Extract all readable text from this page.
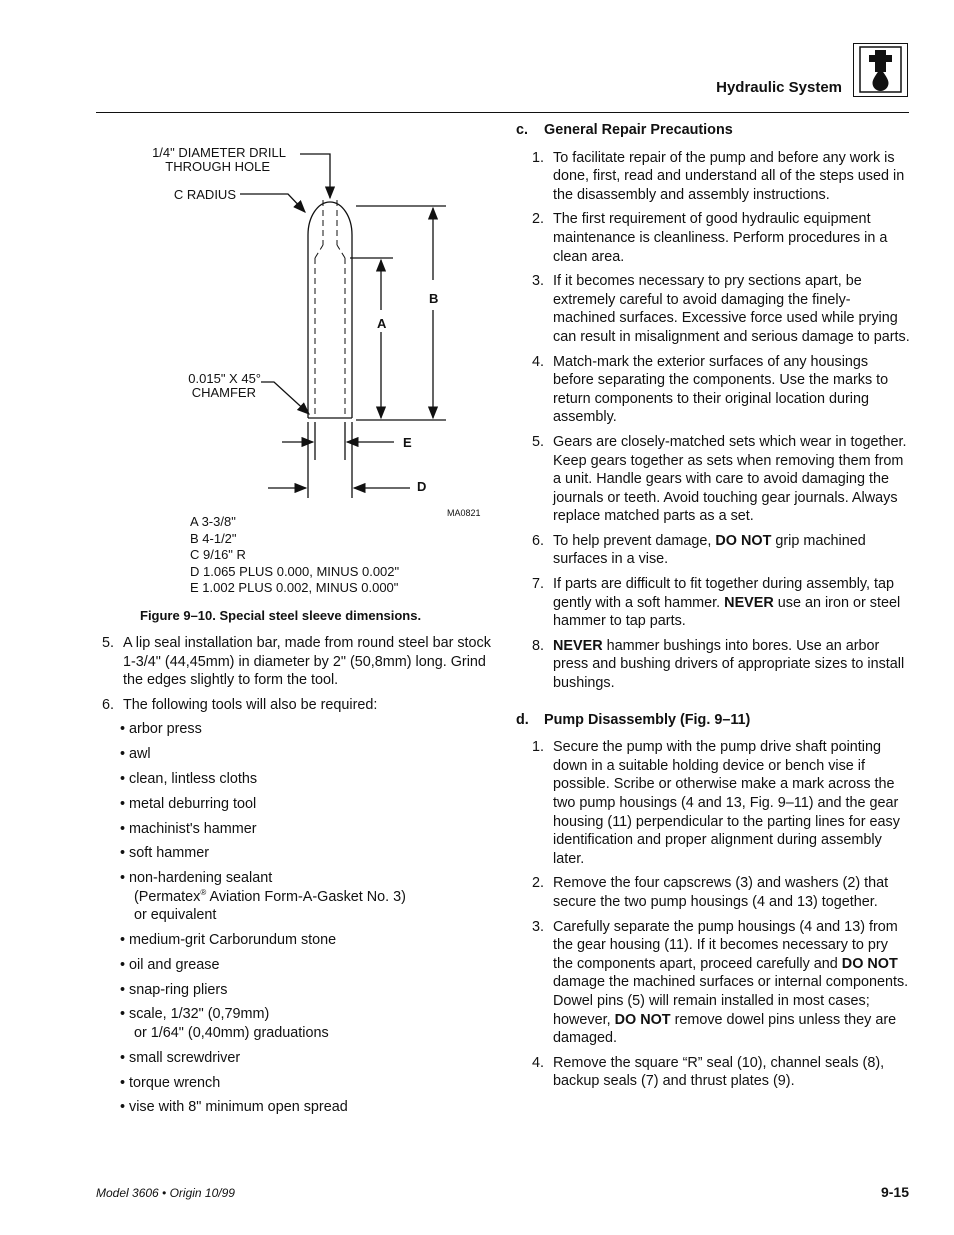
Hydraulic System
1/4" DIAMETER DRILL
THROUGH HOLE
C RADIUS
0.015" X 45°
CHAMFER
A
B
E
D
MA0821
A 3-3/8"
B 4-1/2"
C 9/16" R
D 1.065 PLUS 0.000, MINUS 0.002"
E 1.002 PLUS 0.002, MINUS 0.000"
Figure 9–10. Special steel sleeve dimensions.
5. A lip seal installation bar, made from round steel bar stock 1-3/4" (44,45mm) in diameter by 2" (50,8mm) long. Grind the edges slightly to form the tool.
6. The following tools will also be required:
• arbor press
• awl
• clean, lintless cloths
• metal deburring tool
• machinist's hammer
• soft hammer
• non-hardening sealant
(Permatex® Aviation Form-A-Gasket No. 3)
or equivalent
• medium-grit Carborundum stone
• oil and grease
• snap-ring pliers
• scale, 1/32" (0,79mm)
or 1/64" (0,40mm) graduations
• small screwdriver
• torque wrench
• vise with 8" minimum open spread
c.	General Repair Precautions
1. To facilitate repair of the pump and before any work is done, first, read and understand all of the steps used in the disassembly and assembly instructions.
2. The first requirement of good hydraulic equipment maintenance is cleanliness. Perform procedures in a clean area.
3. If it becomes necessary to pry sections apart, be extremely careful to avoid damaging the finely-machined surfaces. Excessive force used while prying can result in misalignment and serious damage to parts.
4. Match-mark the exterior surfaces of any housings before separating the components. Use the marks to return components to their original location during assembly.
5. Gears are closely-matched sets which wear in together. Keep gears together as sets when removing them from a unit. Handle gears with care to avoid damaging the journals or teeth. Avoid touching gear journals. Always replace matched parts as a set.
6. To help prevent damage, DO NOT grip machined surfaces in a vise.
7. If parts are difficult to fit together during assembly, tap gently with a soft hammer. NEVER use an iron or steel hammer to tap parts.
8. NEVER hammer bushings into bores. Use an arbor press and bushing drivers of appropriate sizes to install bushings.
d.	Pump Disassembly (Fig. 9–11)
1. Secure the pump with the pump drive shaft pointing down in a suitable holding device or bench vise if possible. Scribe or otherwise make a mark across the two pump housings (4 and 13, Fig. 9–11) and the gear housing (11) perpendicular to the parting lines for easy identification and proper alignment during assembly later.
2. Remove the four capscrews (3) and washers (2) that secure the two pump housings (4 and 13) together.
3. Carefully separate the pump housings (4 and 13) from the gear housing (11). If it becomes necessary to pry the components apart, proceed carefully and DO NOT damage the machined surfaces or internal components. Dowel pins (5) will remain installed in most cases; however, DO NOT remove dowel pins unless they are damaged.
4. Remove the square “R” seal (10), channel seals (8), backup seals (7) and thrust plates (9).
Model 3606 • Origin 10/99	9-15
